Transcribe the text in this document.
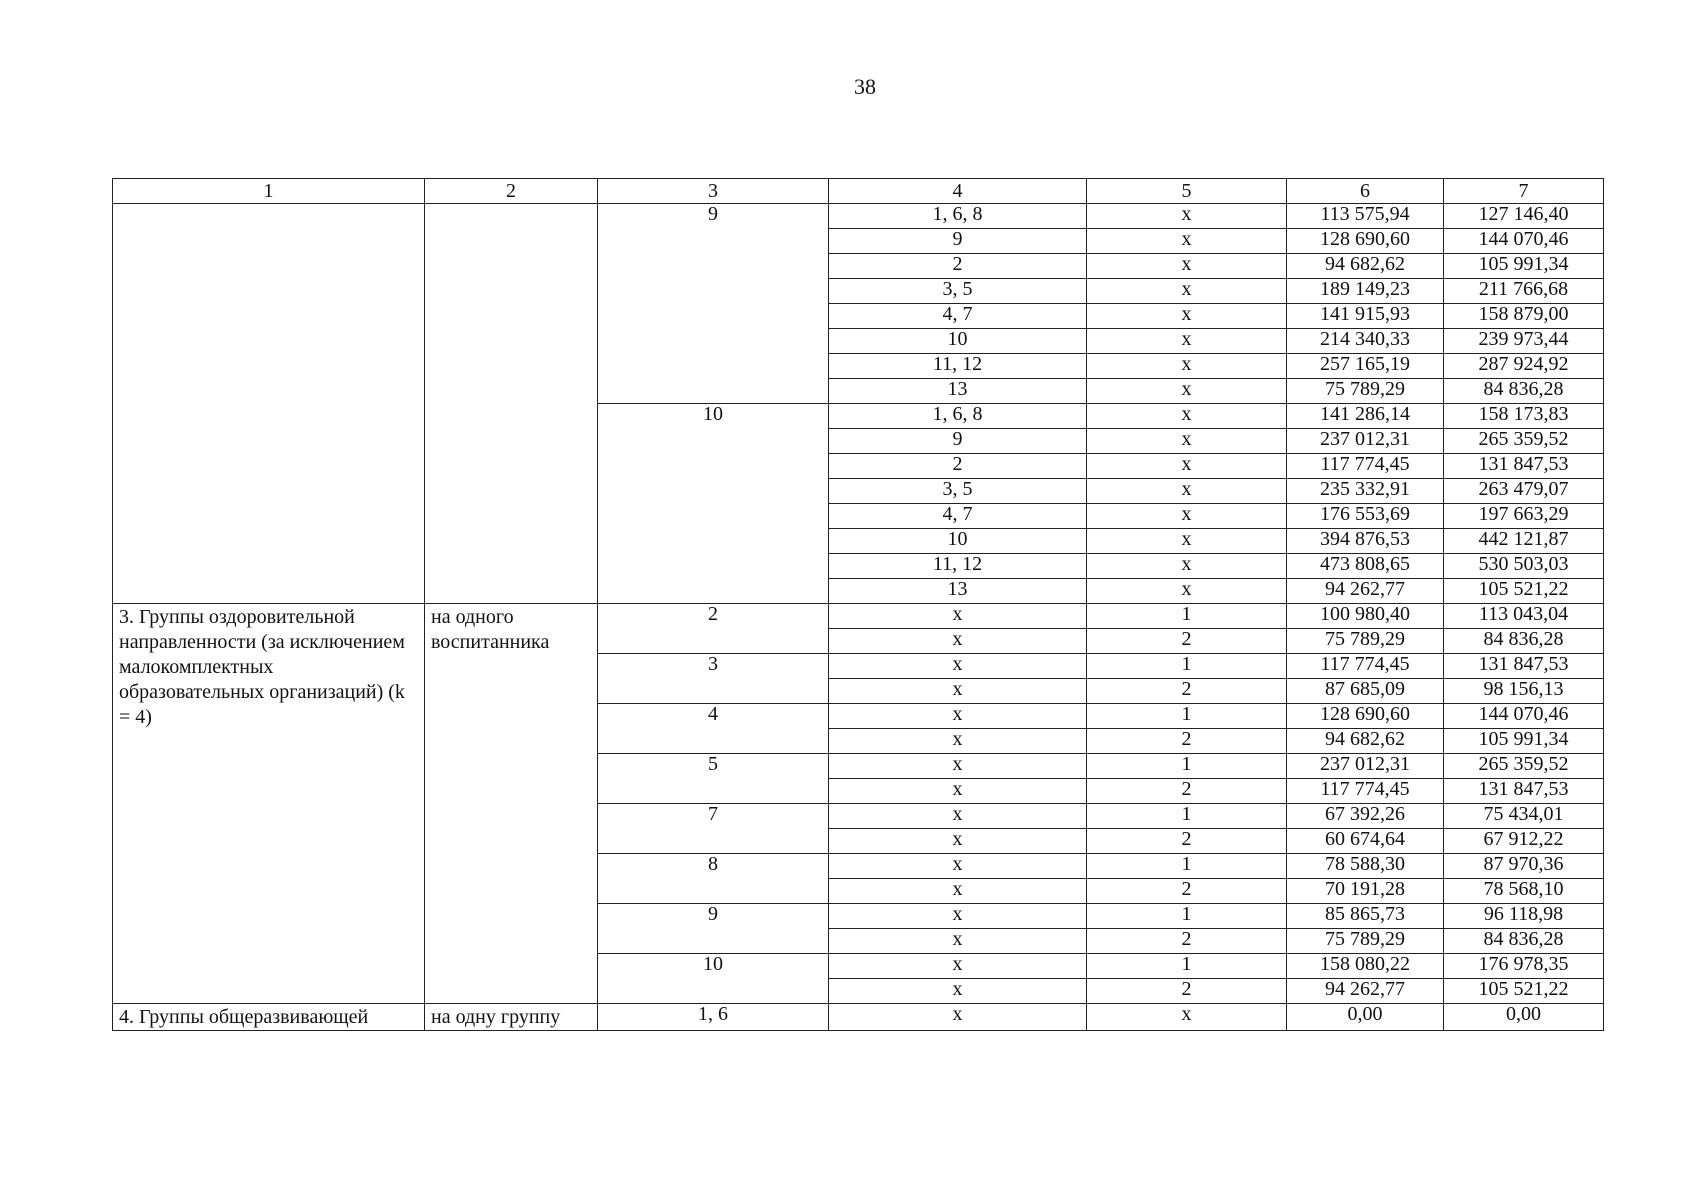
38
1	2	3	4	5	6	7
		9	1, 6, 8	х	113 575,94	127 146,40
			9	х	128 690,60	144 070,46
			2	х	94 682,62	105 991,34
			3, 5	х	189 149,23	211 766,68
			4, 7	х	141 915,93	158 879,00
			10	х	214 340,33	239 973,44
			11, 12	х	257 165,19	287 924,92
			13	х	75 789,29	84 836,28
		10	1, 6, 8	х	141 286,14	158 173,83
			9	х	237 012,31	265 359,52
			2	х	117 774,45	131 847,53
			3, 5	х	235 332,91	263 479,07
			4, 7	х	176 553,69	197 663,29
			10	х	394 876,53	442 121,87
			11, 12	х	473 808,65	530 503,03
			13	х	94 262,77	105 521,22
3. Группы оздоровительной направленности (за исключением малокомплектных образовательных организаций) (k = 4)	на одного воспитанника	2	х	1	100 980,40	113 043,04
			х	2	75 789,29	84 836,28
		3	х	1	117 774,45	131 847,53
			х	2	87 685,09	98 156,13
		4	х	1	128 690,60	144 070,46
			х	2	94 682,62	105 991,34
		5	х	1	237 012,31	265 359,52
			х	2	117 774,45	131 847,53
		7	х	1	67 392,26	75 434,01
			х	2	60 674,64	67 912,22
		8	х	1	78 588,30	87 970,36
			х	2	70 191,28	78 568,10
		9	х	1	85 865,73	96 118,98
			х	2	75 789,29	84 836,28
		10	х	1	158 080,22	176 978,35
			х	2	94 262,77	105 521,22
4. Группы общеразвивающей	на одну группу	1, 6	х	х	0,00	0,00
